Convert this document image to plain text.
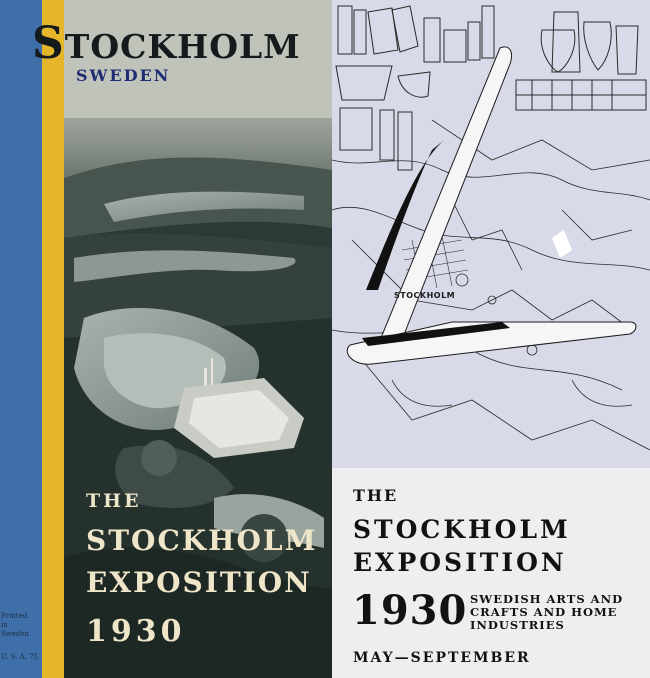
Printed
in
Sweden
U. S. A. 75
STOCKHOLM
SWEDEN
THE
STOCKHOLM
EXPOSITION
1930
STOCKHOLM
THE
STOCKHOLM
EXPOSITION
1930 SWEDISH ARTS AND
CRAFTS AND HOME
INDUSTRIES
MAY—SEPTEMBER
